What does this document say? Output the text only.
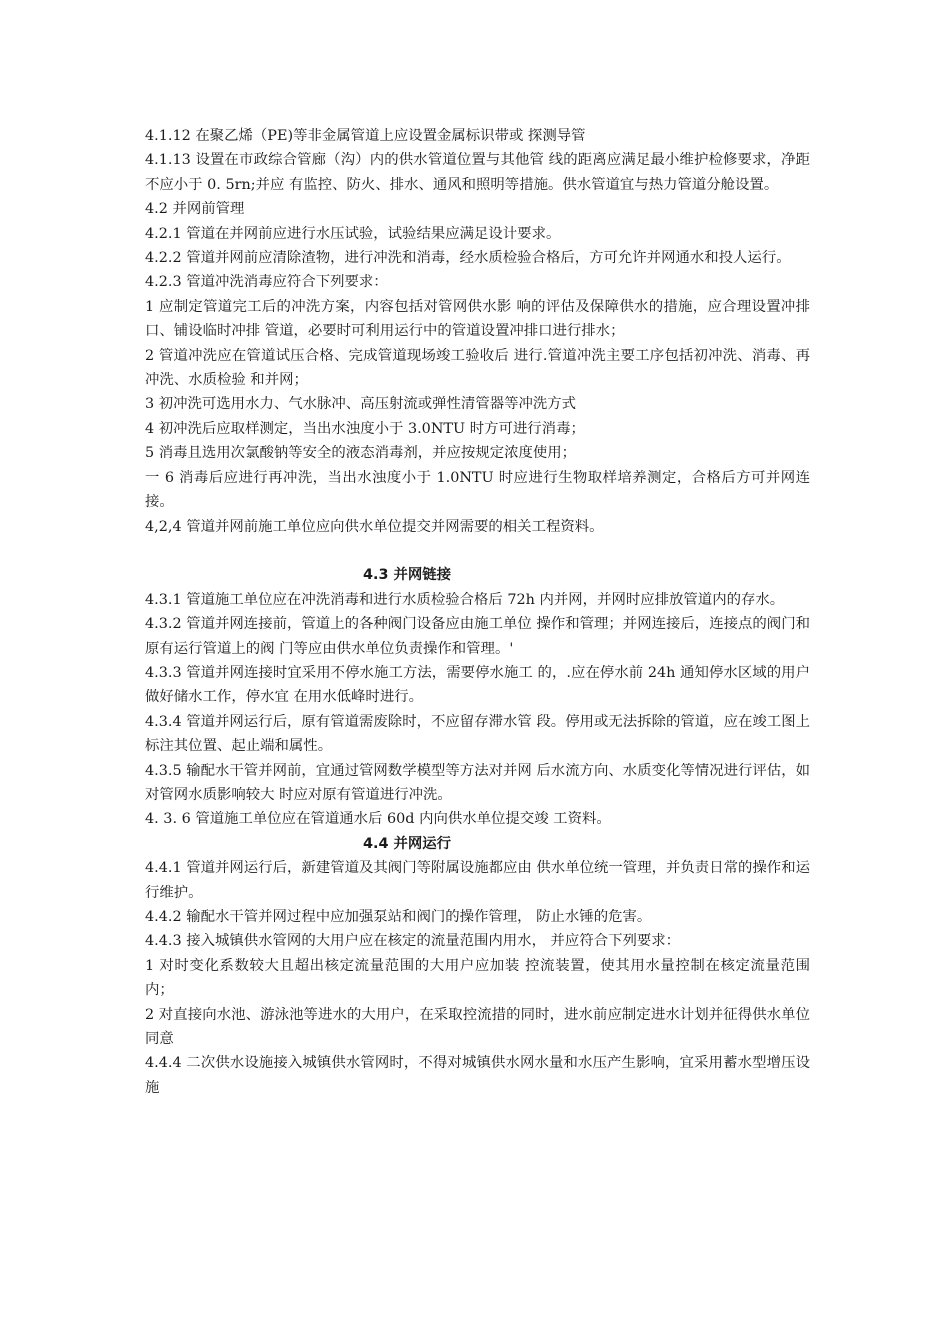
4.1.12 在聚乙烯（PE)等非金属管道上应设置金属标识带或 探测导管

4.1.13 设置在市政综合管廊（沟）内的供水管道位置与其他管 线的距离应满足最小维护检修要求，净距不应小于 0. 5rn;并应 有监控、防火、排水、通风和照明等措施。供水管道宜与热力管道分舱设置。

4.2 并网前管理

4.2.1 管道在并网前应进行水压试验，试验结果应满足设计要求。

4.2.2 管道并网前应清除渣物，进行冲洗和消毒，经水质检验合格后，方可允许并网通水和投人运行。

4.2.3 管道冲洗消毒应符合下列要求：

1 应制定管道完工后的冲洗方案，内容包括对管网供水影 响的评估及保障供水的措施，应合理设置冲排口、铺设临时冲排 管道，必要时可利用运行中的管道设置冲排口进行排水；

2 管道冲洗应在管道试压合格、完成管道现场竣工验收后 进行.管道冲洗主要工序包括初冲洗、消毒、再冲洗、水质检验 和并网；

3 初冲洗可选用水力、气水脉冲、高压射流或弹性清管器等冲洗方式

4 初冲洗后应取样测定，当出水浊度小于 3.0NTU 时方可进行消毒；

5 消毒且选用次氯酸钠等安全的液态消毒剂，并应按规定浓度使用；

一 6 消毒后应进行再冲洗，当出水浊度小于 1.0NTU 时应进行生物取样培养测定，合格后方可并网连接。

4,2,4 管道并网前施工单位应向供水单位提交并网需要的相关工程资料。

4.3 并网链接

4.3.1 管道施工单位应在冲洗消毒和进行水质检验合格后 72h 内并网，并网时应排放管道内的存水。

4.3.2 管道并网连接前，管道上的各种阀门设备应由施工单位 操作和管理；并网连接后，连接点的阀门和原有运行管道上的阀 门等应由供水单位负责操作和管理。'

4.3.3 管道并网连接时宜采用不停水施工方法，需要停水施工 的，.应在停水前 24h 通知停水区域的用户做好储水工作，停水宜 在用水低峰时进行。

4.3.4 管道并网运行后，原有管道需废除时，不应留存滞水管 段。停用或无法拆除的管道，应在竣工图上标注其位置、起止端和属性。

4.3.5 输配水干管并网前，宜通过管网数学模型等方法对并网 后水流方向、水质变化等情况进行评估，如对管网水质影响较大 时应对原有管道进行冲洗。

4. 3. 6 管道施工单位应在管道通水后 60d 内向供水单位提交竣 工资料。

4.4 并网运行

4.4.1 管道并网运行后，新建管道及其阀门等附属设施都应由 供水单位统一管理，并负责日常的操作和运行维护。

4.4.2 输配水干管并网过程中应加强泵站和阀门的操作管理， 防止水锤的危害。

4.4.3 接入城镇供水管网的大用户应在核定的流量范围内用水， 并应符合下列要求：

1 对时变化系数较大且超出核定流量范围的大用户应加装 控流装置，使其用水量控制在核定流量范围内；

2 对直接向水池、游泳池等进水的大用户，在采取控流措的同时，进水前应制定进水计划并征得供水单位同意

4.4.4 二次供水设施接入城镇供水管网时，不得对城镇供水网水量和水压产生影响，宜采用蓄水型增压设施
